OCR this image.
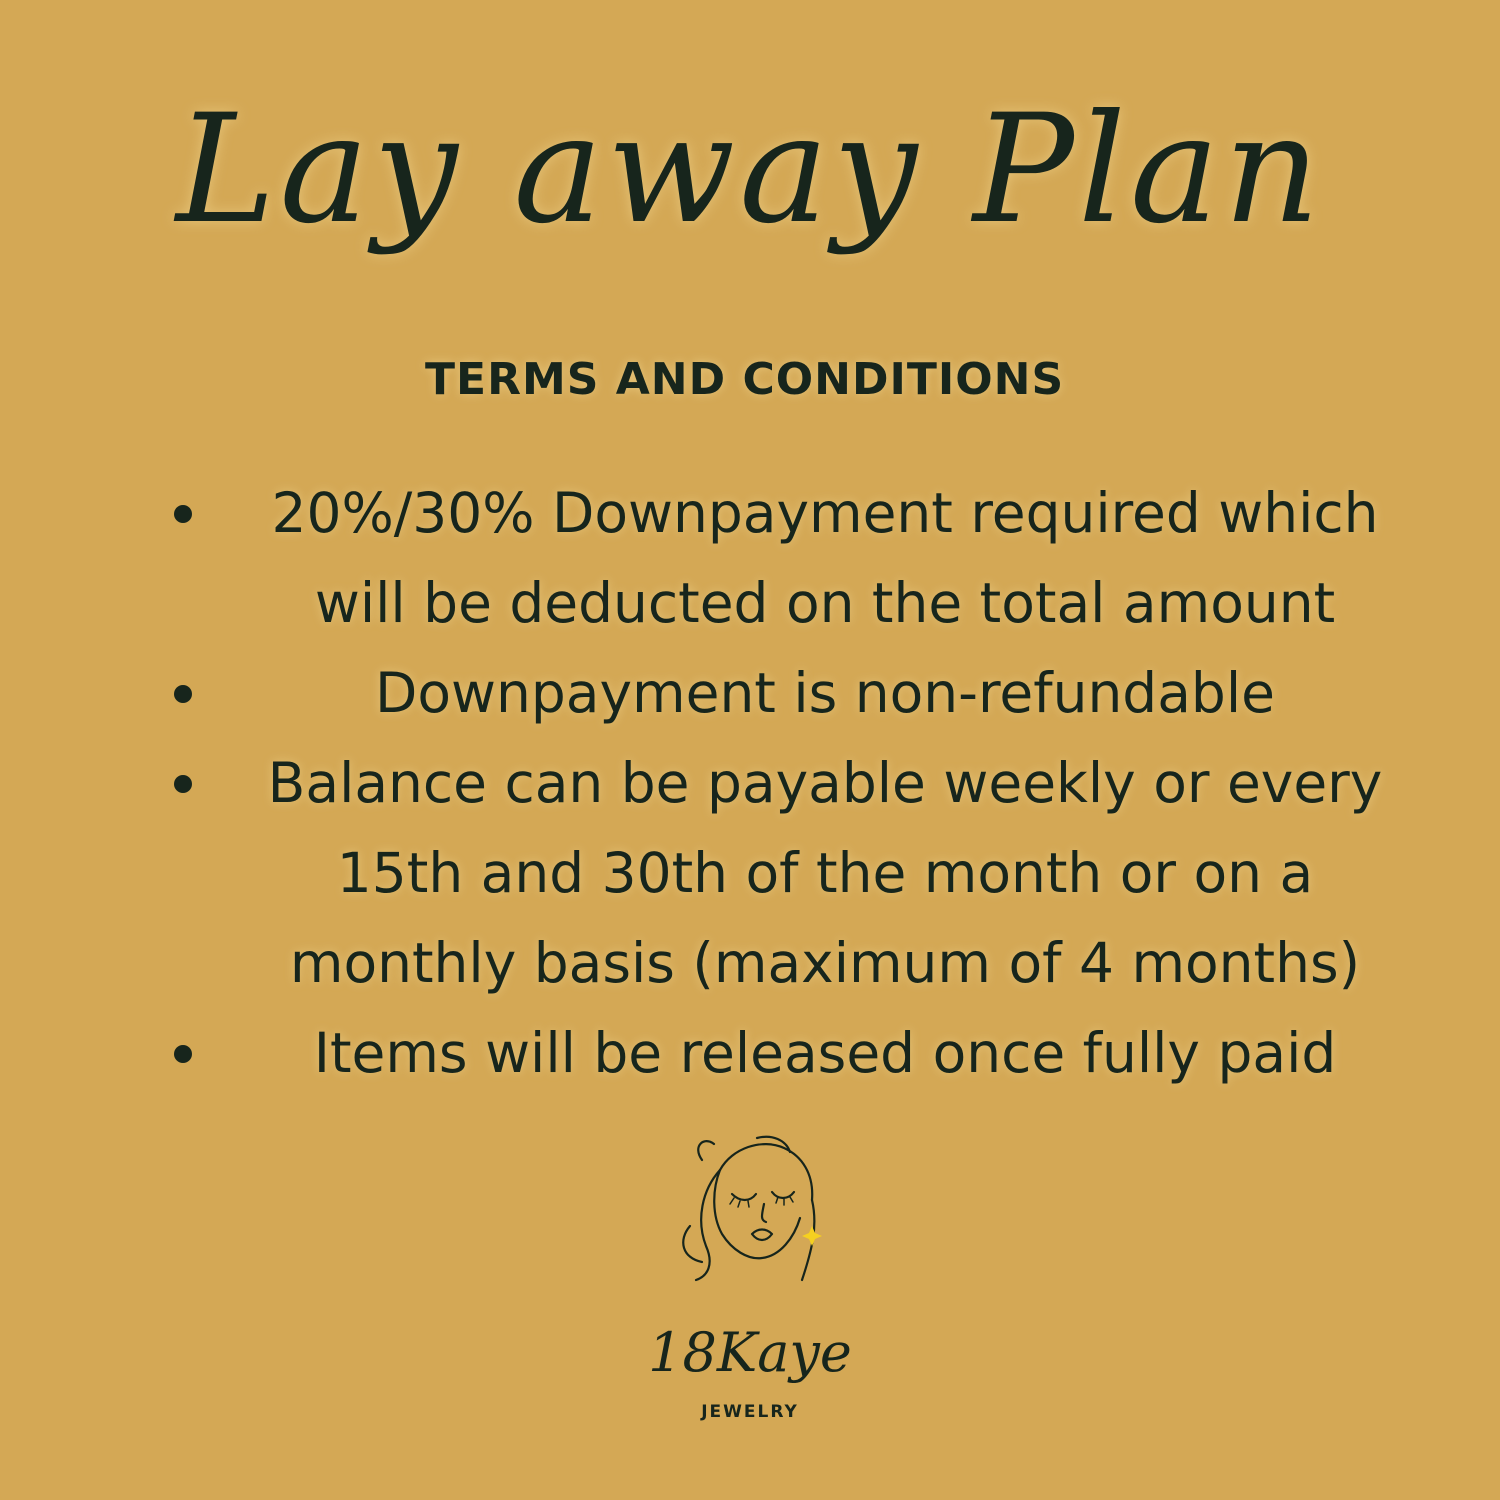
Lay away Plan
TERMS AND CONDITIONS
20%/30% Downpayment required which will be deducted on the total amount
Downpayment is non-refundable
Balance can be payable weekly or every 15th and 30th of the month or on a monthly basis (maximum of 4 months)
Items will be released once fully paid
18Kaye
JEWELRY
